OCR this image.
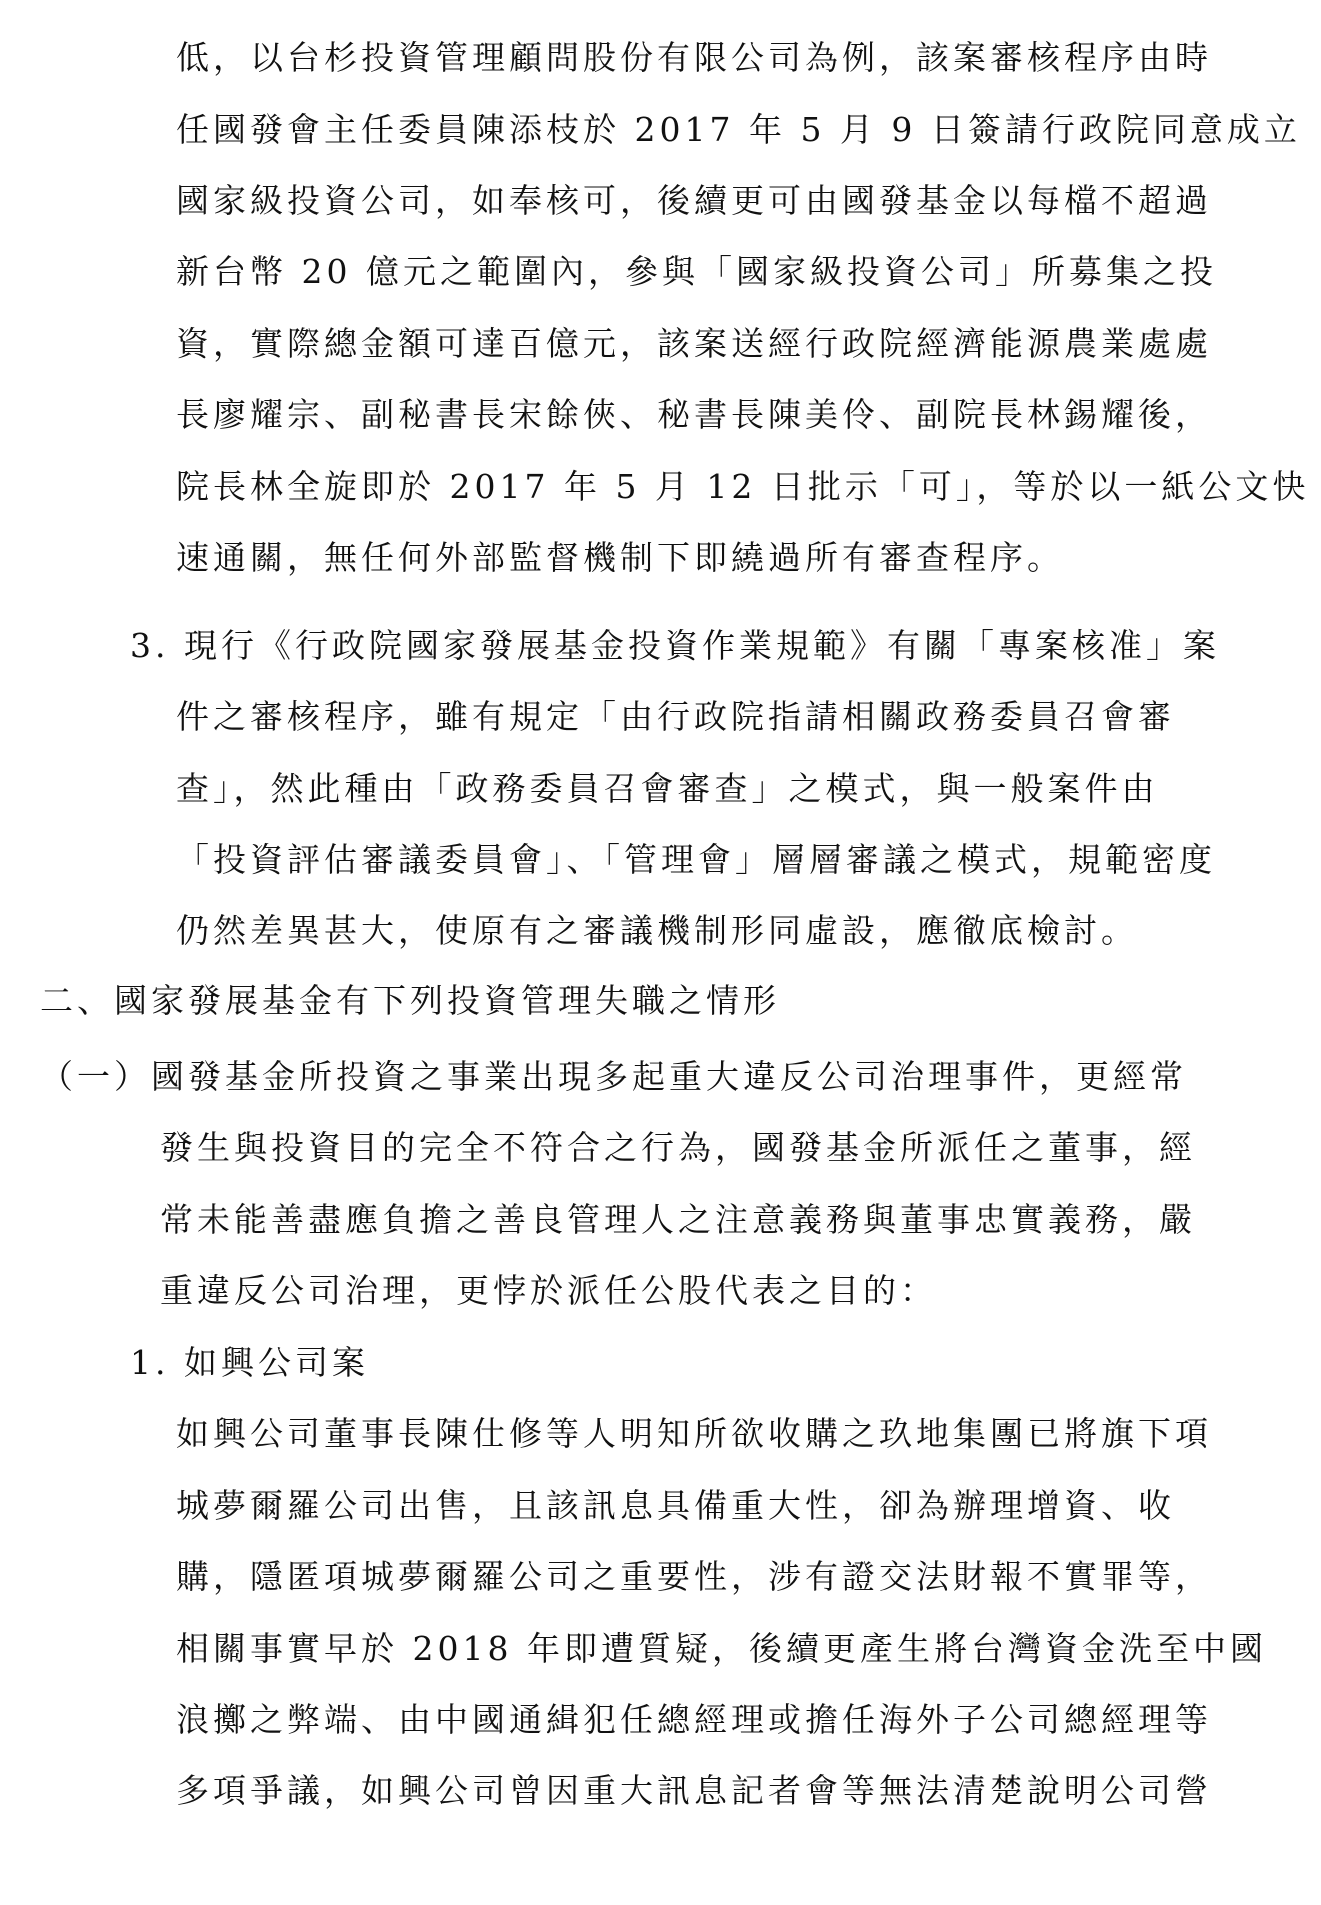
低，以台杉投資管理顧問股份有限公司為例，該案審核程序由時
任國發會主任委員陳添枝於 2017 年 5 月 9 日簽請行政院同意成立
國家級投資公司，如奉核可，後續更可由國發基金以每檔不超過
新台幣 20 億元之範圍內，參與「國家級投資公司」所募集之投
資，實際總金額可達百億元，該案送經行政院經濟能源農業處處
長廖耀宗、副秘書長宋餘俠、秘書長陳美伶、副院長林錫耀後，
院長林全旋即於 2017 年 5 月 12 日批示「可」，等於以一紙公文快
速通關，無任何外部監督機制下即繞過所有審查程序。
3. 現行《行政院國家發展基金投資作業規範》有關「專案核准」案
件之審核程序，雖有規定「由行政院指請相關政務委員召會審
查」，然此種由「政務委員召會審查」之模式，與一般案件由
「投資評估審議委員會」、「管理會」層層審議之模式，規範密度
仍然差異甚大，使原有之審議機制形同虛設，應徹底檢討。
二、國家發展基金有下列投資管理失職之情形
（一）國發基金所投資之事業出現多起重大違反公司治理事件，更經常
發生與投資目的完全不符合之行為，國發基金所派任之董事，經
常未能善盡應負擔之善良管理人之注意義務與董事忠實義務，嚴
重違反公司治理，更悖於派任公股代表之目的：
1. 如興公司案
如興公司董事長陳仕修等人明知所欲收購之玖地集團已將旗下項
城夢爾羅公司出售，且該訊息具備重大性，卻為辦理增資、收
購，隱匿項城夢爾羅公司之重要性，涉有證交法財報不實罪等，
相關事實早於 2018 年即遭質疑，後續更產生將台灣資金洗至中國
浪擲之弊端、由中國通緝犯任總經理或擔任海外子公司總經理等
多項爭議，如興公司曾因重大訊息記者會等無法清楚說明公司營
